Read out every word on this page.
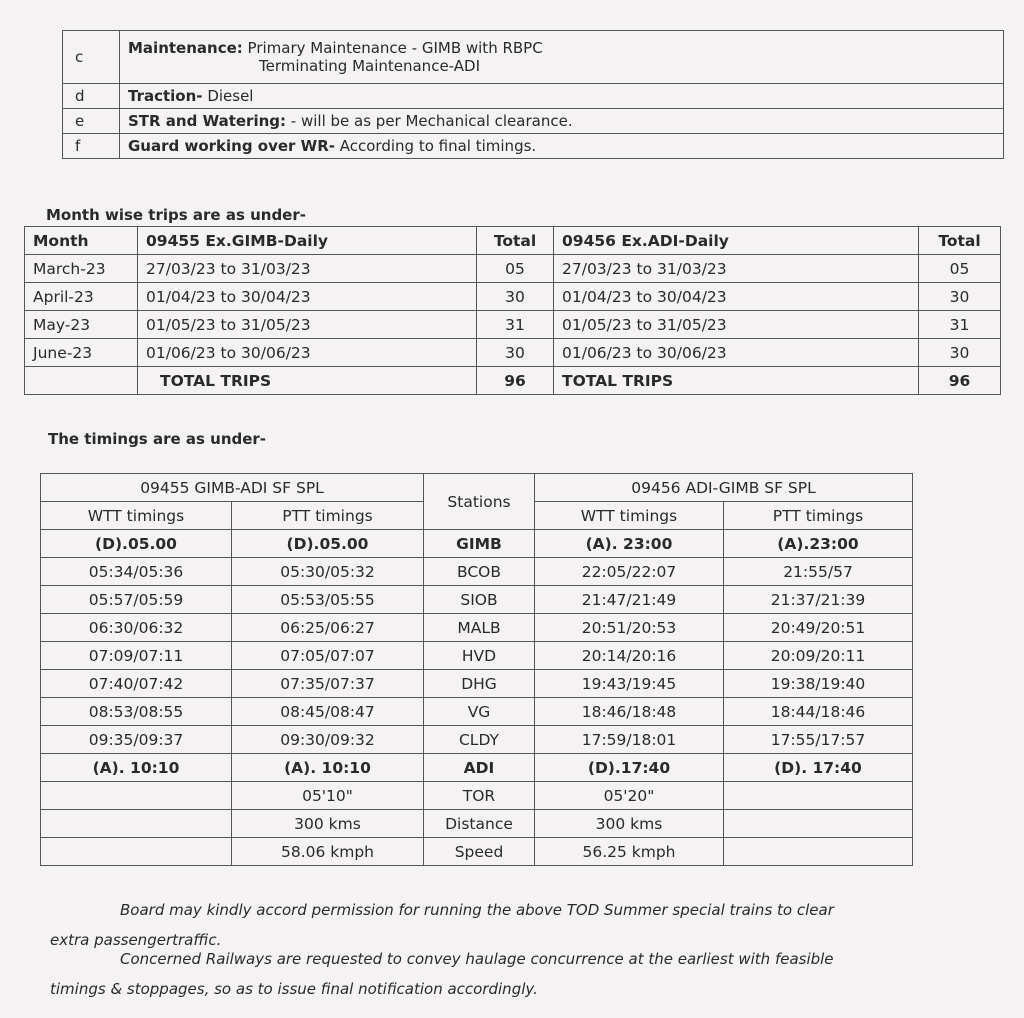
c	Maintenance: Primary Maintenance - GIMB with RBPC
Terminating Maintenance-ADI

d	Traction- Diesel
e	STR and Watering: - will be as per Mechanical clearance.
f	Guard working over WR- According to final timings.
Month wise trips are as under-
Month	09455 Ex.GIMB-Daily	Total	09456 Ex.ADI-Daily	Total
March-23	27/03/23 to 31/03/23	05	27/03/23 to 31/03/23	05
April-23	01/04/23 to 30/04/23	30	01/04/23 to 30/04/23	30
May-23	01/05/23 to 31/05/23	31	01/05/23 to 31/05/23	31
June-23	01/06/23 to 30/06/23	30	01/06/23 to 30/06/23	30
	TOTAL TRIPS	96	TOTAL TRIPS	96
The timings are as under-
09455 GIMB-ADI SF SPL		Stations	09456 ADI-GIMB SF SPL	
WTT timings	PTT timings		WTT timings	PTT timings
(D).05.00	(D).05.00	GIMB	(A). 23:00	(A).23:00
05:34/05:36	05:30/05:32	BCOB	22:05/22:07	21:55/57
05:57/05:59	05:53/05:55	SIOB	21:47/21:49	21:37/21:39
06:30/06:32	06:25/06:27	MALB	20:51/20:53	20:49/20:51
07:09/07:11	07:05/07:07	HVD	20:14/20:16	20:09/20:11
07:40/07:42	07:35/07:37	DHG	19:43/19:45	19:38/19:40
08:53/08:55	08:45/08:47	VG	18:46/18:48	18:44/18:46
09:35/09:37	09:30/09:32	CLDY	17:59/18:01	17:55/17:57
(A). 10:10	(A). 10:10	ADI	(D).17:40	(D). 17:40
	05'10"	TOR	05'20"	
	300 kms	Distance	300 kms	
	58.06 kmph	Speed	56.25 kmph	
Board may kindly accord permission for running the above TOD Summer special trains to clear
extra passengertraffic.
Concerned Railways are requested to convey haulage concurrence at the earliest with feasible
timings & stoppages, so as to issue final notification accordingly.
